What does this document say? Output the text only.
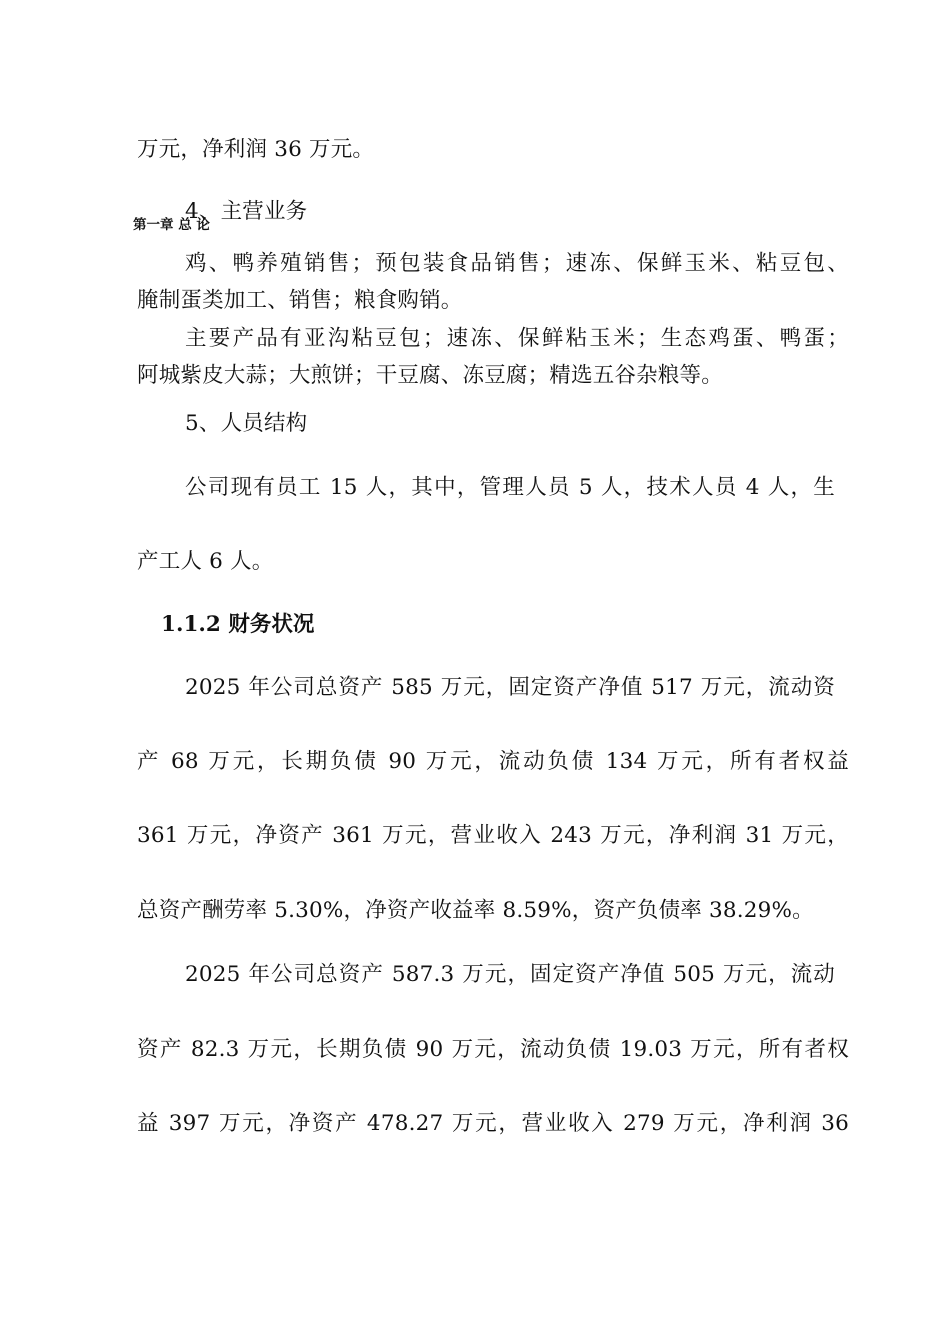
第一章 总 论
万元，净利润 36 万元。
4、主营业务
鸡、鸭养殖销售；预包装食品销售；速冻、保鲜玉米、粘豆包、
腌制蛋类加工、销售；粮食购销。
主要产品有亚沟粘豆包；速冻、保鲜粘玉米；生态鸡蛋、鸭蛋；
阿城紫皮大蒜；大煎饼；干豆腐、冻豆腐；精选五谷杂粮等。
5、人员结构
公司现有员工 15 人，其中，管理人员 5 人，技术人员 4 人，生
产工人 6 人。
1.1.2 财务状况
2025 年公司总资产 585 万元，固定资产净值 517 万元，流动资
产 68 万元，长期负债 90 万元，流动负债 134 万元，所有者权益
361 万元，净资产 361 万元，营业收入 243 万元，净利润 31 万元，
总资产酬劳率 5.30%，净资产收益率 8.59%，资产负债率 38.29%。
2025 年公司总资产 587.3 万元，固定资产净值 505 万元，流动
资产 82.3 万元，长期负债 90 万元，流动负债 19.03 万元，所有者权
益 397 万元，净资产 478.27 万元，营业收入 279 万元，净利润 36
